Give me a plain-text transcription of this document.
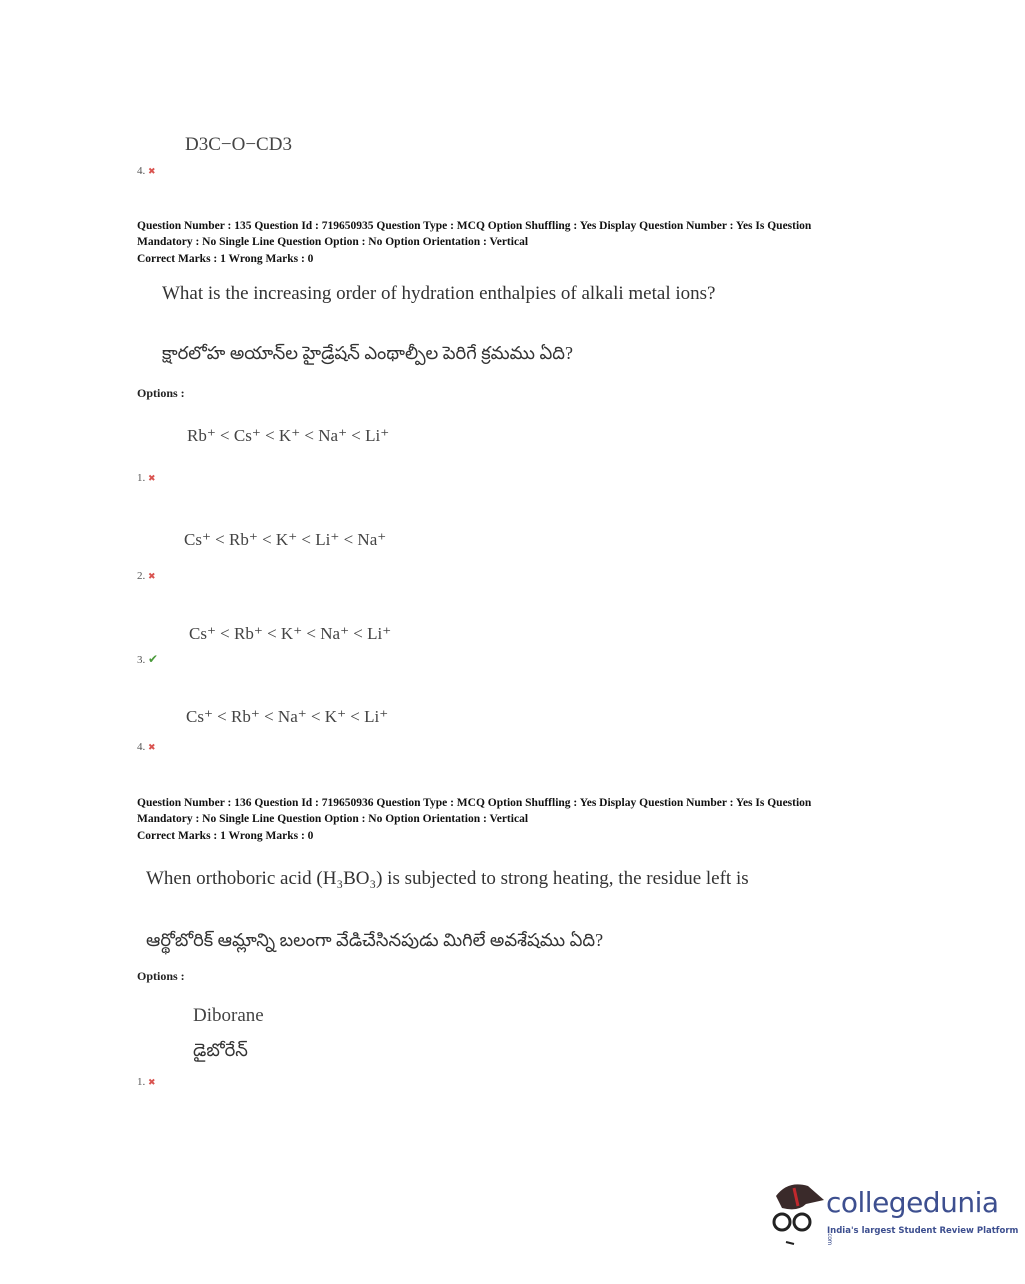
D3C−O−CD3
4. ✖
Question Number : 135 Question Id : 719650935 Question Type : MCQ Option Shuffling : Yes Display Question Number : Yes Is Question
Mandatory : No Single Line Question Option : No Option Orientation : Vertical
Correct Marks : 1 Wrong Marks : 0
What is the increasing order of hydration enthalpies of alkali metal ions?
క్షారలోహ అయాన్‌ల హైడ్రేషన్ ఎంథాల్పీల పెరిగే క్రమము ఏది?
Options :
Rb⁺ < Cs⁺ < K⁺ < Na⁺ < Li⁺
1. ✖
Cs⁺ < Rb⁺ < K⁺ < Li⁺ < Na⁺
2. ✖
Cs⁺ < Rb⁺ < K⁺ < Na⁺ < Li⁺
3. ✔
Cs⁺ < Rb⁺ < Na⁺ < K⁺ < Li⁺
4. ✖
Question Number : 136 Question Id : 719650936 Question Type : MCQ Option Shuffling : Yes Display Question Number : Yes Is Question
Mandatory : No Single Line Question Option : No Option Orientation : Vertical
Correct Marks : 1 Wrong Marks : 0
When orthoboric acid (H₃BO₃) is subjected to strong heating, the residue left is
ఆర్థోబోరిక్ ఆమ్లాన్ని బలంగా వేడిచేసినపుడు మిగిలే అవశేషము ఏది?
Options :
Diborane
డైబోరేన్
1. ✖
collegedunia.com
India's largest Student Review Platform
